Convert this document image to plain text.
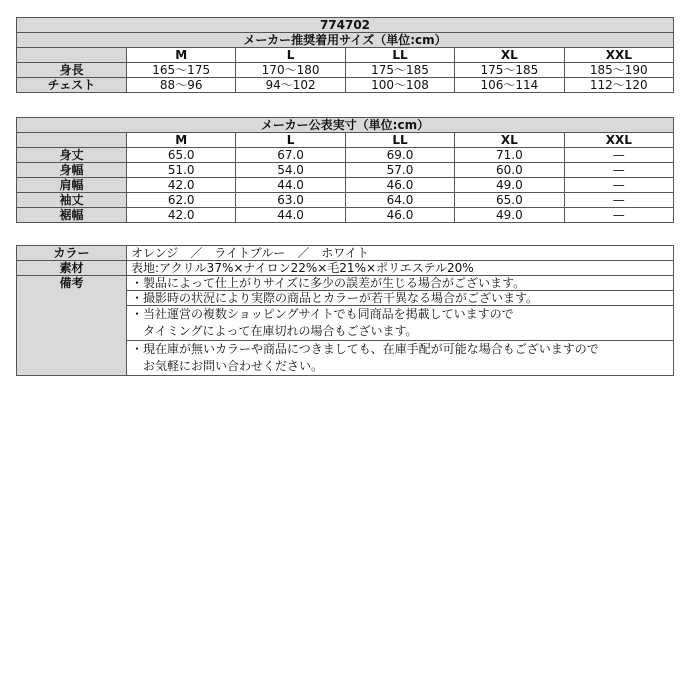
774702					
メーカー推奨着用サイズ（単位:cm）					
	M	L	LL	XL	XXL
身長	165〜175	170〜180	175〜185	175〜185	185〜190
チェスト	88〜96	94〜102	100〜108	106〜114	112〜120
メーカー公表実寸（単位:cm）					
	M	L	LL	XL	XXL
身丈	65.0	67.0	69.0	71.0	—
身幅	51.0	54.0	57.0	60.0	—
肩幅	42.0	44.0	46.0	49.0	—
袖丈	62.0	63.0	64.0	65.0	—
裾幅	42.0	44.0	46.0	49.0	—
カラー	オレンジ　／　ライトブルー　／　ホワイト
素材	表地:アクリル37%×ナイロン22%×毛21%×ポリエステル20%
備考	・製品によって仕上がりサイズに多少の誤差が生じる場合がございます。
	・撮影時の状況により実際の商品とカラーが若干異なる場合がございます。
	・当社運営の複数ショッピングサイトでも同商品を掲載していますので
　タイミングによって在庫切れの場合もございます。
	・現在庫が無いカラーや商品につきましても、在庫手配が可能な場合もございますので
　お気軽にお問い合わせください。
